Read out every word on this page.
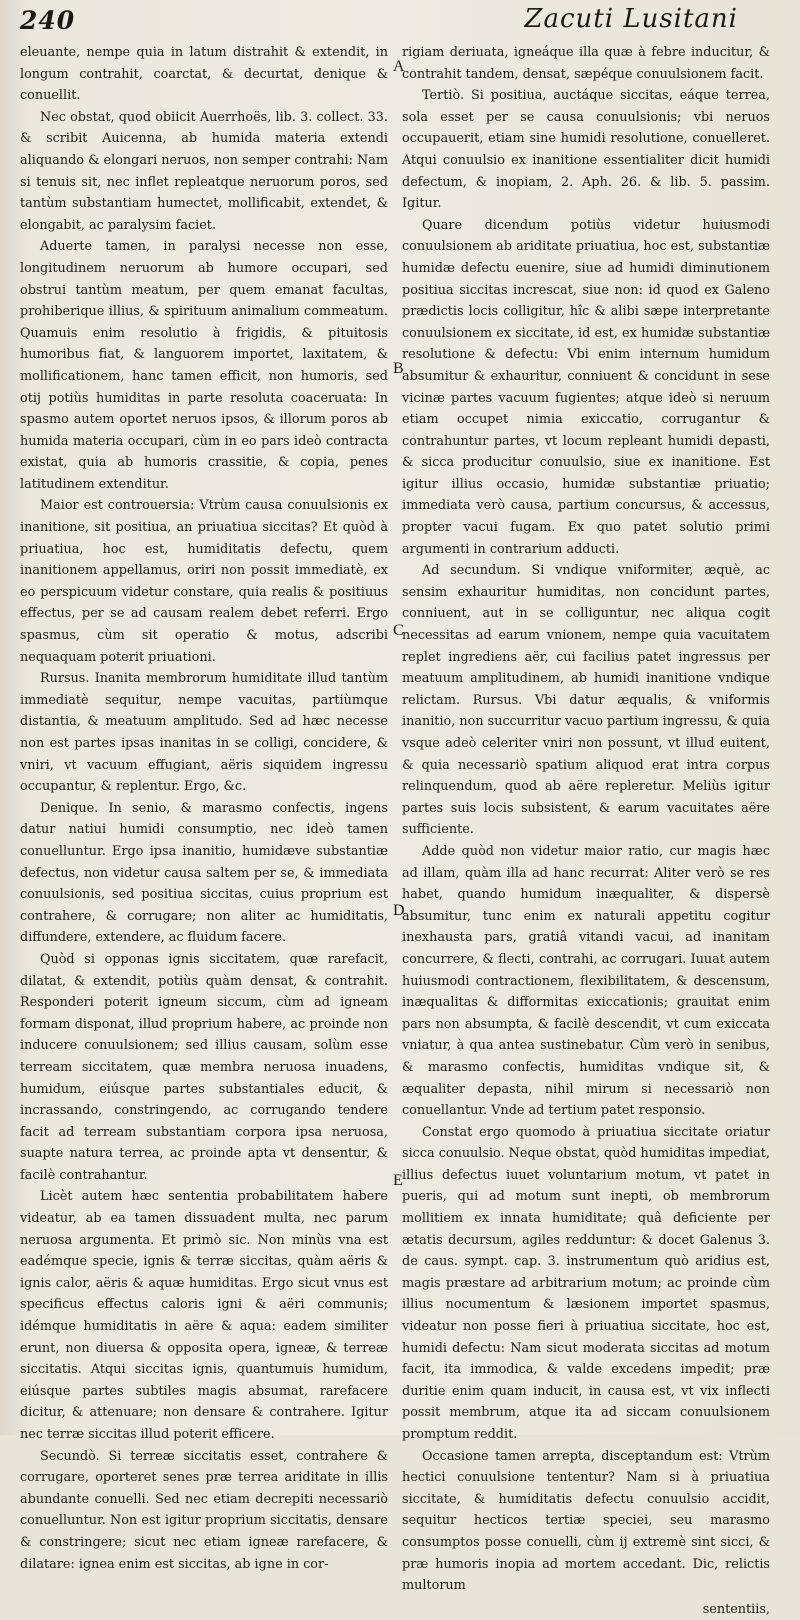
240	Zacuti Lusitani

eleuante, nempe quia in latum distrahit & extendit, in longum contrahit, coarctat, & decurtat, denique & conuellit.

Nec obstat, quod obiicit Auerrhoës, lib. 3. collect. 33. & scribit Auicenna, ab humida materia extendi aliquando & elongari neruos, non semper contrahi: Nam si tenuis sit, nec inflet repleatque neruorum poros, sed tantùm substantiam humectet, mollificabit, extendet, & elongabit, ac paralysim faciet.

Aduerte tamen, in paralysi necesse non esse, longitudinem neruorum ab humore occupari, sed obstrui tantùm meatum, per quem emanat facultas, prohiberique illius, & spirituum animalium commeatum. Quamuis enim resolutio à frigidis, & pituitosis humoribus fiat, & languorem importet, laxitatem, & mollificationem, hanc tamen efficit, non humoris, sed otij potiùs humiditas in parte resoluta coaceruata: In spasmo autem oportet neruos ipsos, & illorum poros ab humida materia occupari, cùm in eo pars ideò contracta existat, quia ab humoris crassitie, & copia, penes latitudinem extenditur.

Maior est controuersia: Vtrùm causa conuulsionis ex inanitione, sit positiua, an priuatiua siccitas? Et quòd à priuatiua, hoc est, humiditatis defectu, quem inanitionem appellamus, oriri non possit immediatè, ex eo perspicuum videtur constare, quia realis & positiuus effectus, per se ad causam realem debet referri. Ergo spasmus, cùm sit operatio & motus, adscribi nequaquam poterit priuationi.

Rursus. Inanita membrorum humiditate illud tantùm immediatè sequitur, nempe vacuitas, partiùmque distantia, & meatuum amplitudo. Sed ad hæc necesse non est partes ipsas inanitas in se colligi, concidere, & vniri, vt vacuum effugiant, aëris siquidem ingressu occupantur, & replentur. Ergo, &c.

Denique. In senio, & marasmo confectis, ingens datur natiui humidi consumptio, nec ideò tamen conuelluntur. Ergo ipsa inanitio, humidæve substantiæ defectus, non videtur causa saltem per se, & immediata conuulsionis, sed positiua siccitas, cuius proprium est contrahere, & corrugare; non aliter ac humiditatis, diffundere, extendere, ac fluidum facere.

Quòd si opponas ignis siccitatem, quæ rarefacit, dilatat, & extendit, potiùs quàm densat, & contrahit. Responderi poterit igneum siccum, cùm ad igneam formam disponat, illud proprium habere, ac proinde non inducere conuulsionem; sed illius causam, solùm esse terream siccitatem, quæ membra neruosa inuadens, humidum, eiúsque partes substantiales educit, & incrassando, constringendo, ac corrugando tendere facit ad terream substantiam corpora ipsa neruosa, suapte natura terrea, ac proinde apta vt densentur, & facilè contrahantur.

Licèt autem hæc sententia probabilitatem habere videatur, ab ea tamen dissuadent multa, nec parum neruosa argumenta. Et primò sic. Non minùs vna est eadémque specie, ignis & terræ siccitas, quàm aëris & ignis calor, aëris & aquæ humiditas. Ergo sicut vnus est specificus effectus caloris igni & aëri communis; idémque humiditatis in aëre & aqua: eadem similiter erunt, non diuersa & opposita opera, igneæ, & terreæ siccitatis. Atqui siccitas ignis, quantumuis humidum, eiúsque partes subtiles magis absumat, rarefacere dicitur, & attenuare; non densare & contrahere. Igitur nec terræ siccitas illud poterit efficere.

Secundò. Si terreæ siccitatis esset, contrahere & corrugare, oporteret senes præ terrea ariditate in illis abundante conuelli. Sed nec etiam decrepiti necessariò conuelluntur. Non est igitur proprium siccitatis, densare & constringere; sicut nec etiam igneæ rarefacere, & dilatare: ignea enim est siccitas, ab igne in cor-

A
B
C
D
E

rigiam deriuata, igneáque illa quæ à febre inducitur, & contrahit tandem, densat, sæpéque conuulsionem facit.

Tertiò. Si positiua, auctáque siccitas, eáque terrea, sola esset per se causa conuulsionis; vbi neruos occupauerit, etiam sine humidi resolutione, conuelleret. Atqui conuulsio ex inanitione essentialiter dicit humidi defectum, & inopiam, 2. Aph. 26. & lib. 5. passim. Igitur.

Quare dicendum potiùs videtur huiusmodi conuulsionem ab ariditate priuatiua, hoc est, substantiæ humidæ defectu euenire, siue ad humidi diminutionem positiua siccitas increscat, siue non: id quod ex Galeno prædictis locis colligitur, hîc & alibi sæpe interpretante conuulsionem ex siccitate, id est, ex humidæ substantiæ resolutione & defectu: Vbi enim internum humidum absumitur & exhauritur, conniuent & concidunt in sese vicinæ partes vacuum fugientes; atque ideò si neruum etiam occupet nimia exiccatio, corrugantur & contrahuntur partes, vt locum repleant humidi depasti, & sicca producitur conuulsio, siue ex inanitione. Est igitur illius occasio, humidæ substantiæ priuatio; immediata verò causa, partium concursus, & accessus, propter vacui fugam. Ex quo patet solutio primi argumenti in contrarium adducti.

Ad secundum. Si vndique vniformiter, æquè, ac sensim exhauritur humiditas, non concidunt partes, conniuent, aut in se colliguntur, nec aliqua cogit necessitas ad earum vnionem, nempe quia vacuitatem replet ingrediens aër, cui facilius patet ingressus per meatuum amplitudinem, ab humidi inanitione vndique relictam. Rursus. Vbi datur æqualis, & vniformis inanitio, non succurritur vacuo partium ingressu, & quia vsque adeò celeriter vniri non possunt, vt illud euitent, & quia necessariò spatium aliquod erat intra corpus relinquendum, quod ab aëre repleretur. Meliùs igitur partes suis locis subsistent, & earum vacuitates aëre sufficiente.

Adde quòd non videtur maior ratio, cur magis hæc ad illam, quàm illa ad hanc recurrat: Aliter verò se res habet, quando humidum inæqualiter, & dispersè absumitur, tunc enim ex naturali appetitu cogitur inexhausta pars, gratiâ vitandi vacui, ad inanitam concurrere, & flecti, contrahi, ac corrugari. Iuuat autem huiusmodi contractionem, flexibilitatem, & descensum, inæqualitas & difformitas exiccationis; grauitat enim pars non absumpta, & facilè descendit, vt cum exiccata vniatur, à qua antea sustinebatur. Cùm verò in senibus, & marasmo confectis, humiditas vndique sit, & æqualiter depasta, nihil mirum si necessariò non conuellantur. Vnde ad tertium patet responsio.

Constat ergo quomodo à priuatiua siccitate oriatur sicca conuulsio. Neque obstat, quòd humiditas impediat, illius defectus iuuet voluntarium motum, vt patet in pueris, qui ad motum sunt inepti, ob membrorum mollitiem ex innata humiditate; quâ deficiente per ætatis decursum, agiles redduntur: & docet Galenus 3. de caus. sympt. cap. 3. instrumentum quò aridius est, magis præstare ad arbitrarium motum; ac proinde cùm illius nocumentum & læsionem importet spasmus, videatur non posse fieri à priuatiua siccitate, hoc est, humidi defectu: Nam sicut moderata siccitas ad motum facit, ita immodica, & valde excedens impedit; præ duritie enim quam inducit, in causa est, vt vix inflecti possit membrum, atque ita ad siccam conuulsionem promptum reddit.

Occasione tamen arrepta, disceptandum est: Vtrùm hectici conuulsione tententur? Nam si à priuatiua siccitate, & humiditatis defectu conuulsio accidit, sequitur hecticos tertiæ speciei, seu marasmo consumptos posse conuelli, cùm ij extremè sint sicci, & præ humoris inopia ad mortem accedant. Dic, relictis multorum

sententiis,
